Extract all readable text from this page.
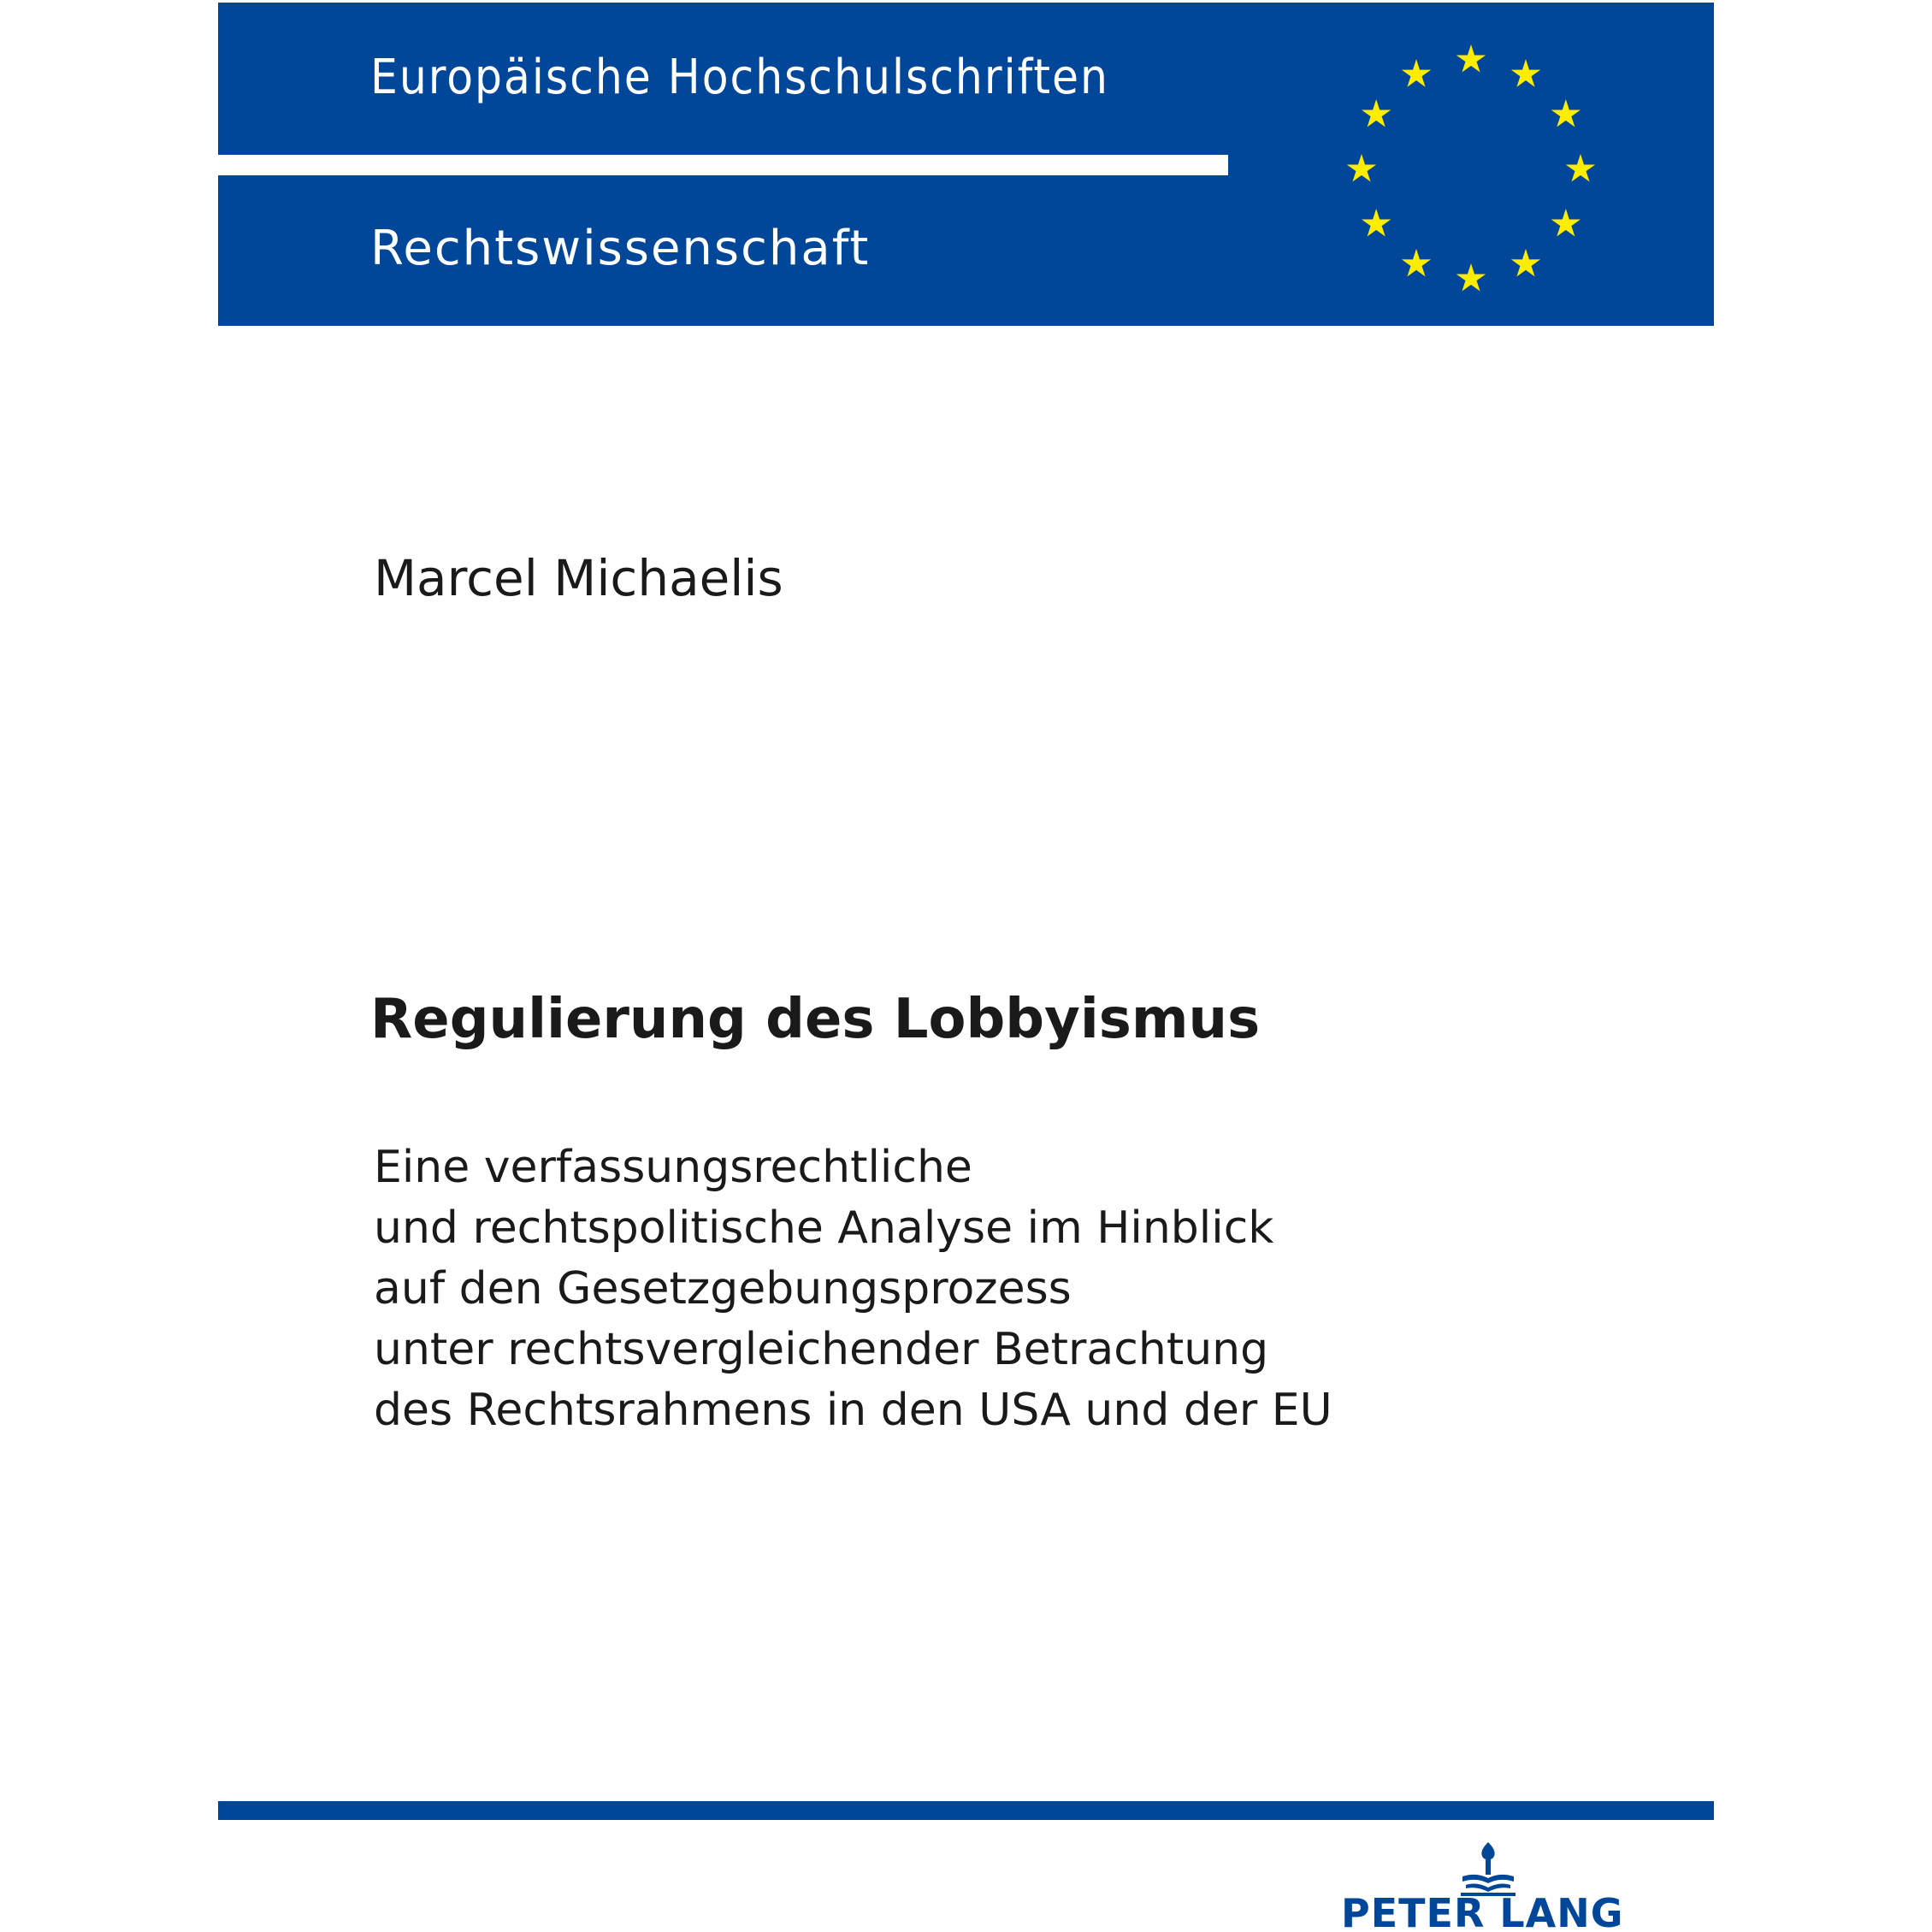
Europäische Hochschulschriften
Rechtswissenschaft
Marcel Michaelis
Regulierung des Lobbyismus
Eine verfassungsrechtliche
und rechtspolitische Analyse im Hinblick
auf den Gesetzgebungsprozess
unter rechtsvergleichender Betrachtung
des Rechtsrahmens in den USA und der EU
PETER LANG
